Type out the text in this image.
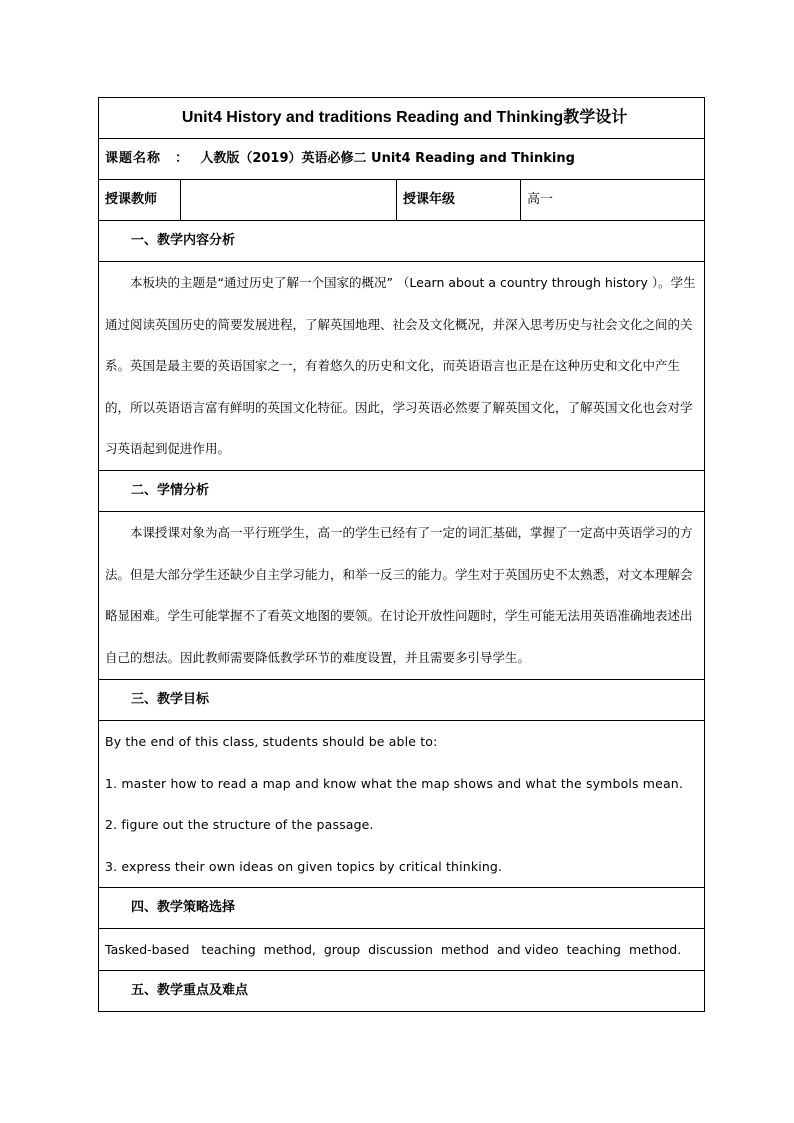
Unit4 History and traditions Reading and Thinking教学设计
课题名称 ： 人教版（2019）英语必修二 Unit4 Reading and Thinking
授课教师		授课年级	高一
一、教学内容分析

本板块的主题是“通过历史了解一个国家的概况” （Learn about a country through history ）。学生通过阅读英国历史的简要发展进程，了解英国地理、社会及文化概况，并深入思考历史与社会文化之间的关系。英国是最主要的英语国家之一，有着悠久的历史和文化，而英语语言也正是在这种历史和文化中产生的，所以英语语言富有鲜明的英国文化特征。因此，学习英语必然要了解英国文化，了解英国文化也会对学习英语起到促进作用。

二、学情分析

本课授课对象为高一平行班学生，高一的学生已经有了一定的词汇基础，掌握了一定高中英语学习的方法。但是大部分学生还缺少自主学习能力，和举一反三的能力。学生对于英国历史不太熟悉，对文本理解会略显困难。学生可能掌握不了看英文地图的要领。在讨论开放性问题时，学生可能无法用英语准确地表述出自己的想法。因此教师需要降低教学环节的难度设置，并且需要多引导学生。

三、教学目标

By the end of this class, students should be able to:
1. master how to read a map and know what the map shows and what the symbols mean.
2. figure out the structure of the passage.
3. express their own ideas on given topics by critical thinking.

四、教学策略选择
Tasked-based   teaching  method,  group  discussion  method  and video  teaching  method.
五、教学重点及难点
